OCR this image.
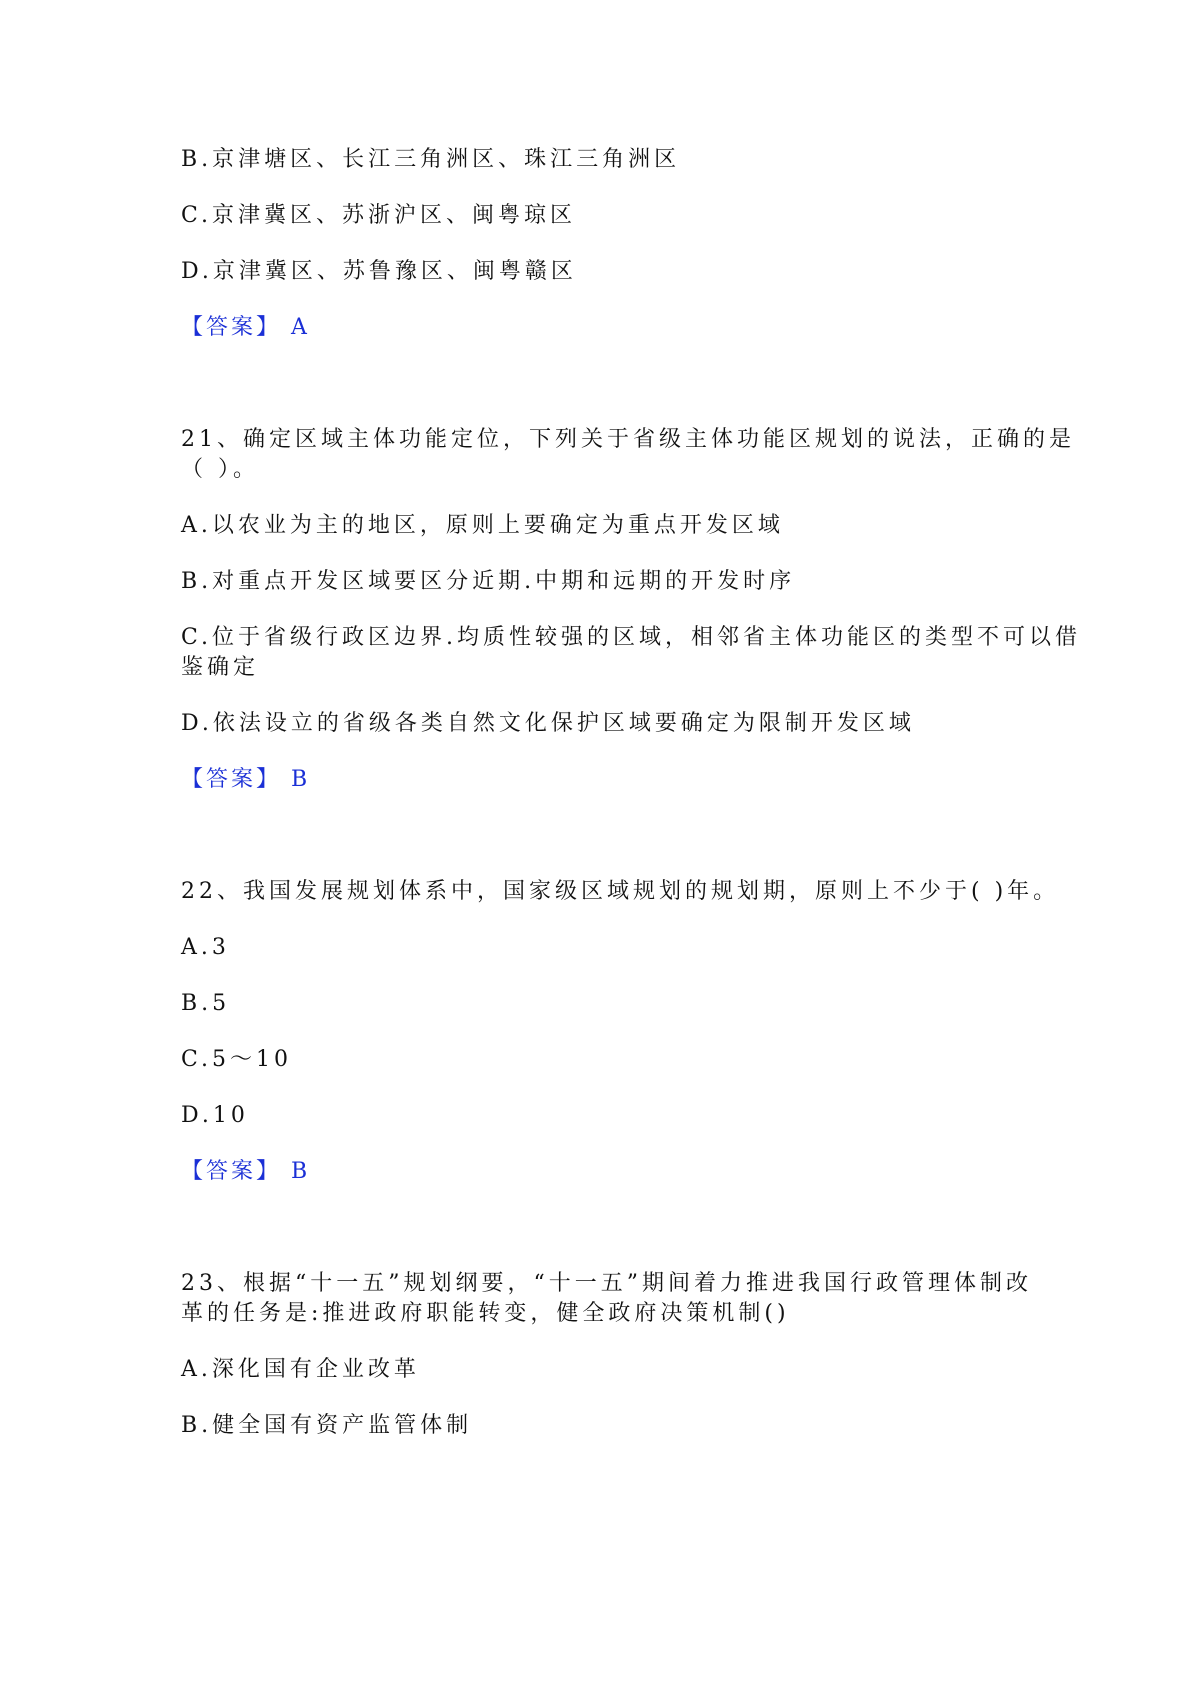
B.京津塘区、长江三角洲区、珠江三角洲区
C.京津冀区、苏浙沪区、闽粤琼区
D.京津冀区、苏鲁豫区、闽粤赣区
【答案】 A
21、确定区域主体功能定位，下列关于省级主体功能区规划的说法，正确的是
（ ）。
A.以农业为主的地区，原则上要确定为重点开发区域
B.对重点开发区域要区分近期.中期和远期的开发时序
C.位于省级行政区边界.均质性较强的区域，相邻省主体功能区的类型不可以借
鉴确定
D.依法设立的省级各类自然文化保护区域要确定为限制开发区域
【答案】 B
22、我国发展规划体系中，国家级区域规划的规划期，原则上不少于( )年。
A.3
B.5
C.5～10
D.10
【答案】 B
23、根据“十一五”规划纲要，“十一五”期间着力推进我国行政管理体制改
革的任务是:推进政府职能转变，健全政府决策机制()
A.深化国有企业改革
B.健全国有资产监管体制
